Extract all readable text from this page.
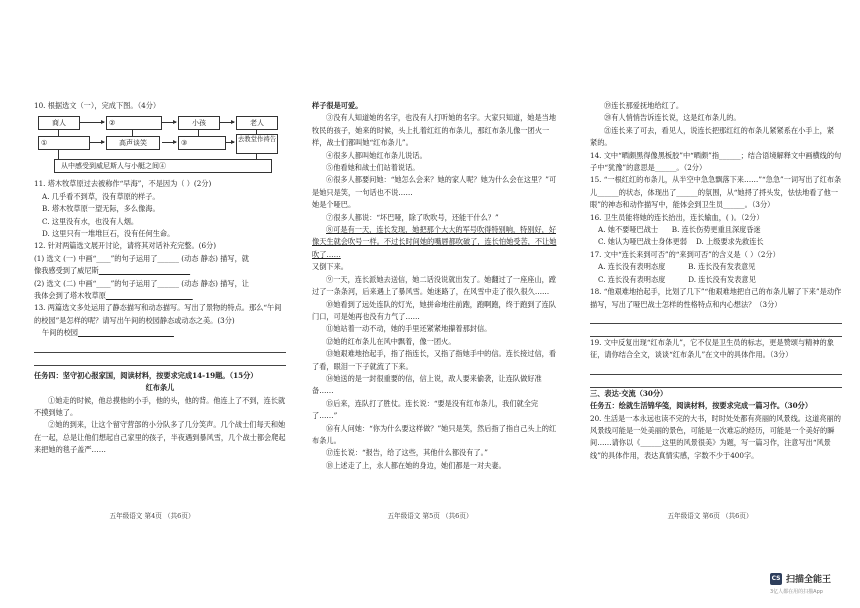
10. 根据选文（一），完成下图。（4分）

商人	②	小孩	老人
①	高声谈笑	③	去教堂作祷告
从中感受到威尼斯人与小艇之间④

11. 塔木牧草原过去被称作“早海”，不是因为（ ）(2分)

A. 几乎看不到草，没有草原的样子。

B. 塔木牧草原一望无际，多么像海。

C. 这里没有水，也没有人烟。

D. 这里只有一堆堆巨石，没有任何生命。

12. 针对两篇选文展开讨论，请将其对话补充完整。(6分)

(1) 选文 (一) 中画“____”的句子运用了______ (动态 静态) 描写，就

像我感受到了威尼斯

(2) 选文 (二) 中画“____”的句子运用了______ (动态 静态) 描写，让

我体会到了塔木牧草原

13. 两篇选文多处运用了静态描写和动态描写。写出了景物的特点。那么“午间的校园”是怎样的呢？请写出午间的校园静态或动态之美。(3分)

午间的校园

任务四：坚守初心报家国，阅读材料，按要求完成14-19题。（15分）

红布条儿

①她走的时候，他总摸他的小手，他的头，他的背。他连上了不到，连长就不摸到她了。

②她的到来，让这个留守营部的小分队多了几分笑声。几个战士们每天和她在一起，总是让他们想起自己家里的孩子，半夜遇到暴风雪，几个战士都会爬起来把她的毯子盖严……

五年级语文 第4页 （共6页）

样子很是可爱。

③没有人知道她的名字，也没有人打听她的名字。大家只知道，她是当地牧民的孩子，她来的时候，头上扎着红红的布条儿，那红布条儿像一团火一样，战士们都叫她“红布条儿”。

④很多人都叫她红布条儿说话。

⑤他看她和战士们站着说话。

⑥很多人都要问她：“她怎么会来？她的家人呢？她为什么会在这里？”可是她只是笑，一句话也不说……

她是个哑巴。

⑦很多人都说：“坏巴哑，除了吹吹号，还能干什么？”

⑧可是有一天，连长发现，她把那个大大的军号吹得特别响，特别好，好像天生就会吹号一样。不过长时间她的嘴唇都吹破了，连长怕她受苦，不让她吹了……

又倒下来。

⑨一天，连长派她去送信，她二话没说就出发了。她翻过了一座座山，蹚过了一条条河，后来遇上了暴风雪。她迷路了，在风雪中走了很久很久……

⑩她看到了远处连队的灯光，她拼命地往前跑，跑啊跑，终于跑到了连队门口，可是她再也没有力气了……

⑪她站着一动不动，她的手里还紧紧地攥着那封信。

⑫她的红布条儿在风中飘着，像一团火。

⑬她艰难地抬起手，指了指连长，又指了指她手中的信。连长接过信，看了看，眼泪一下子就流了下来。

⑭她送的是一封很重要的信，信上说，敌人要来偷袭，让连队做好准备……

⑮后来，连队打了胜仗。连长说：“要是没有红布条儿，我们就全完了……”

⑯有人问她：“你为什么要这样做？”她只是笑，然后指了指自己头上的红布条儿。

⑰连长说：“报告，给了这些，其他什么都没有了。”

⑱上述走了上，永人都在她的身边，她们都是一对夫妻。

五年级语文 第5页 （共6页）

⑲连长那爱抚地给红了。

⑳有人悄悄告诉连长说，这是红布条儿的。

㉑连长来了可去，看见人，说连长把那红红的布条儿紧紧系在小手上，紧

紧的。

14. 文中“晒颇黑得像黑板胶”中“晒颇”指______；结合语境解释文中画横线的句子中“犹豫”的意思是______。（2分）

15. “一根红红的布条儿，从半空中急急飘落下来……”“急急”一词写出了红布条儿______的状态，体现出了______的氛围，从“她捋了捋头发，怯怯地看了他一眼”的神态和动作描写中，能体会到卫生员______。（3分）

16. 卫生员能将她的连长抬出，连长输血，( )。（2分）

A. 她不要哑巴战士 B. 连长伤势更重且深度昏迷

C. 她认为哑巴战士身体更弱 D. 上级要求先救连长

17. 文中“连长来到可否”的“来到可否”的含义是（ ）（2分）

A. 连长没有表明态度	B. 连长没有发表意见

C. 连长没有表明态度	D. 连长没有发表意见

18. “他艰难地抬起手，比划了几下”“他艰难地把自己的布条儿解了下来”是动作描写，写出了哑巴战士怎样的性格特点和内心想法？（3分）

19. 文中反复出现“红布条儿”，它不仅是卫生员的标志，更是赞颂与精神的象征，请你结合全文，谈谈“红布条儿”在文中的具体作用。（3分）

三、表达·交流（30分）

任务五：绘就生活锦华笺，阅读材料，按要求完成一篇习作。（30分）

20. 生活是一本永远也读不完的大书，时时处处都有亮丽的风景线。这道亮丽的风景线可能是一处美丽的景色，可能是一次难忘的经历，可能是一个美好的瞬间……请你以《______这里的风景很美》为题，写一篇习作，注意写出“风景线”的具体作用，表达真情实感，字数不少于400字。

五年级语文 第6页 （共6页）
CS 扫描全能王
3亿人都在用的扫描App
